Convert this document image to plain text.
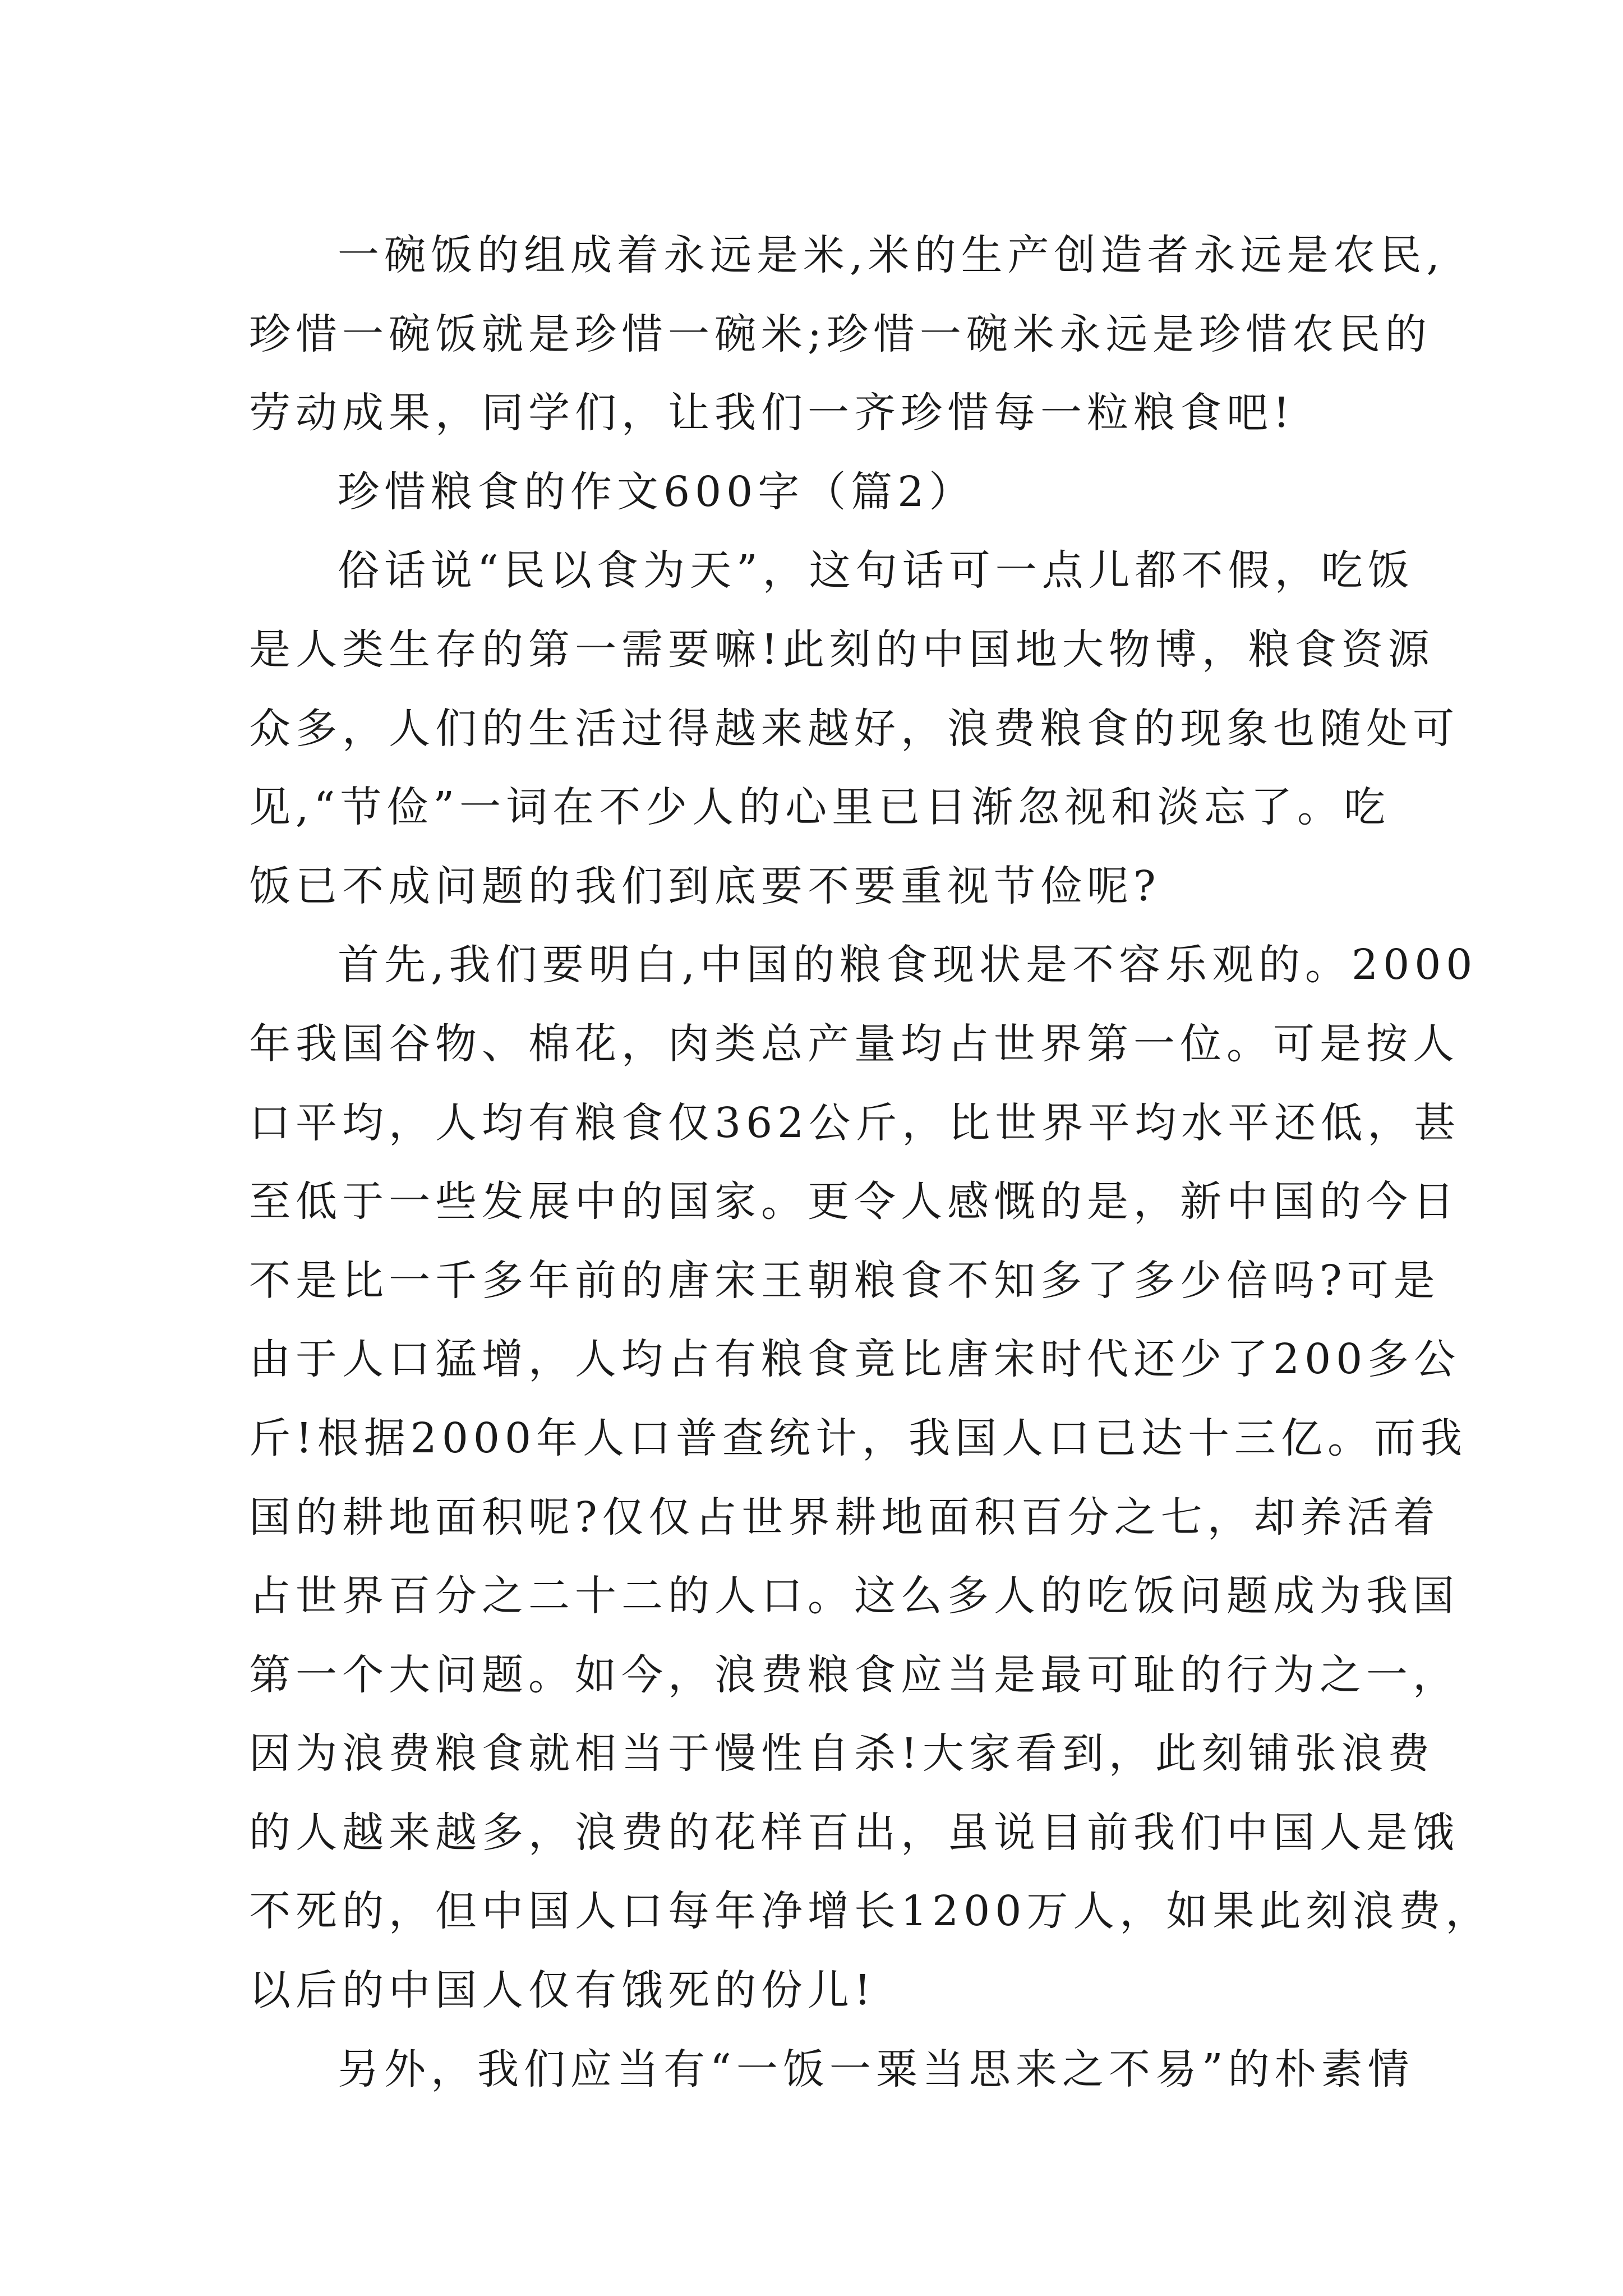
一碗饭的组成着永远是米,米的生产创造者永远是农民,
珍惜一碗饭就是珍惜一碗米;珍惜一碗米永远是珍惜农民的
劳动成果，同学们，让我们一齐珍惜每一粒粮食吧!
珍惜粮食的作文600字（篇2）
俗话说“民以食为天”，这句话可一点儿都不假，吃饭
是人类生存的第一需要嘛!此刻的中国地大物博，粮食资源
众多，人们的生活过得越来越好，浪费粮食的现象也随处可
见,“节俭”一词在不少人的心里已日渐忽视和淡忘了。吃
饭已不成问题的我们到底要不要重视节俭呢?
首先,我们要明白,中国的粮食现状是不容乐观的。2000
年我国谷物、棉花，肉类总产量均占世界第一位。可是按人
口平均，人均有粮食仅362公斤，比世界平均水平还低，甚
至低于一些发展中的国家。更令人感慨的是，新中国的今日
不是比一千多年前的唐宋王朝粮食不知多了多少倍吗?可是
由于人口猛增，人均占有粮食竟比唐宋时代还少了200多公
斤!根据2000年人口普查统计，我国人口已达十三亿。而我
国的耕地面积呢?仅仅占世界耕地面积百分之七，却养活着
占世界百分之二十二的人口。这么多人的吃饭问题成为我国
第一个大问题。如今，浪费粮食应当是最可耻的行为之一，
因为浪费粮食就相当于慢性自杀!大家看到，此刻铺张浪费
的人越来越多，浪费的花样百出，虽说目前我们中国人是饿
不死的，但中国人口每年净增长1200万人，如果此刻浪费，
以后的中国人仅有饿死的份儿!
另外，我们应当有“一饭一粟当思来之不易”的朴素情
